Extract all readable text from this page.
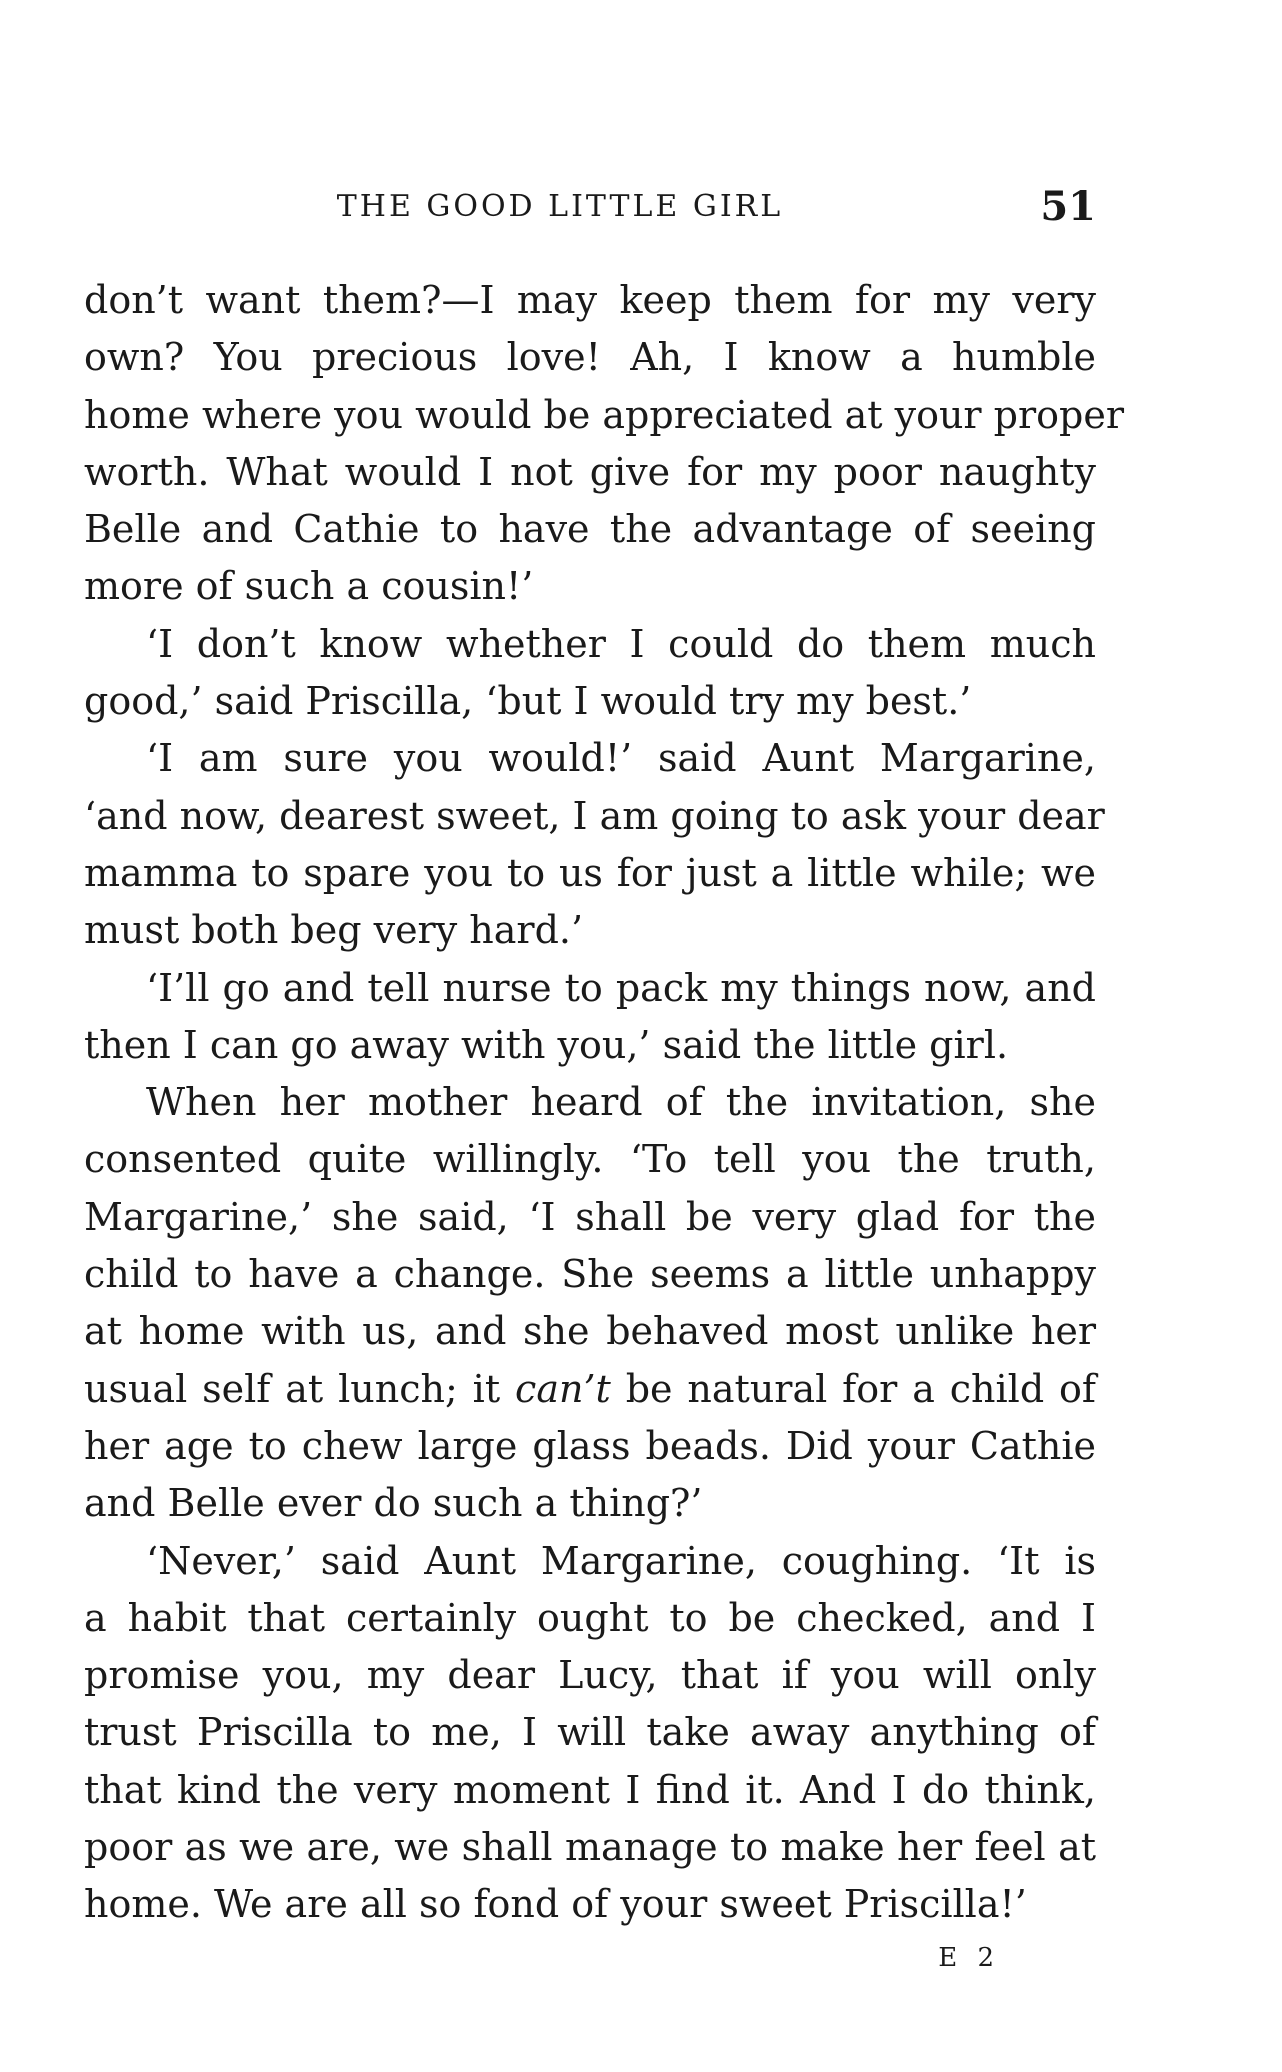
THE GOOD LITTLE GIRL	51
don’t want them?—I may keep them for my very
own? You precious love! Ah, I know a humble
home where you would be appreciated at your proper
worth. What would I not give for my poor naughty
Belle and Cathie to have the advantage of seeing
more of such a cousin!’
‘I don’t know whether I could do them much
good,’ said Priscilla, ‘but I would try my best.’
‘I am sure you would!’ said Aunt Margarine,
‘and now, dearest sweet, I am going to ask your dear
mamma to spare you to us for just a little while; we
must both beg very hard.’
‘I’ll go and tell nurse to pack my things now, and
then I can go away with you,’ said the little girl.
When her mother heard of the invitation, she
consented quite willingly. ‘To tell you the truth,
Margarine,’ she said, ‘I shall be very glad for the
child to have a change. She seems a little unhappy
at home with us, and she behaved most unlike her
usual self at lunch; it can’t be natural for a child of
her age to chew large glass beads. Did your Cathie
and Belle ever do such a thing?’
‘Never,’ said Aunt Margarine, coughing. ‘It is
a habit that certainly ought to be checked, and I
promise you, my dear Lucy, that if you will only
trust Priscilla to me, I will take away anything of
that kind the very moment I find it. And I do think,
poor as we are, we shall manage to make her feel at
home. We are all so fond of your sweet Priscilla!’
E 2
